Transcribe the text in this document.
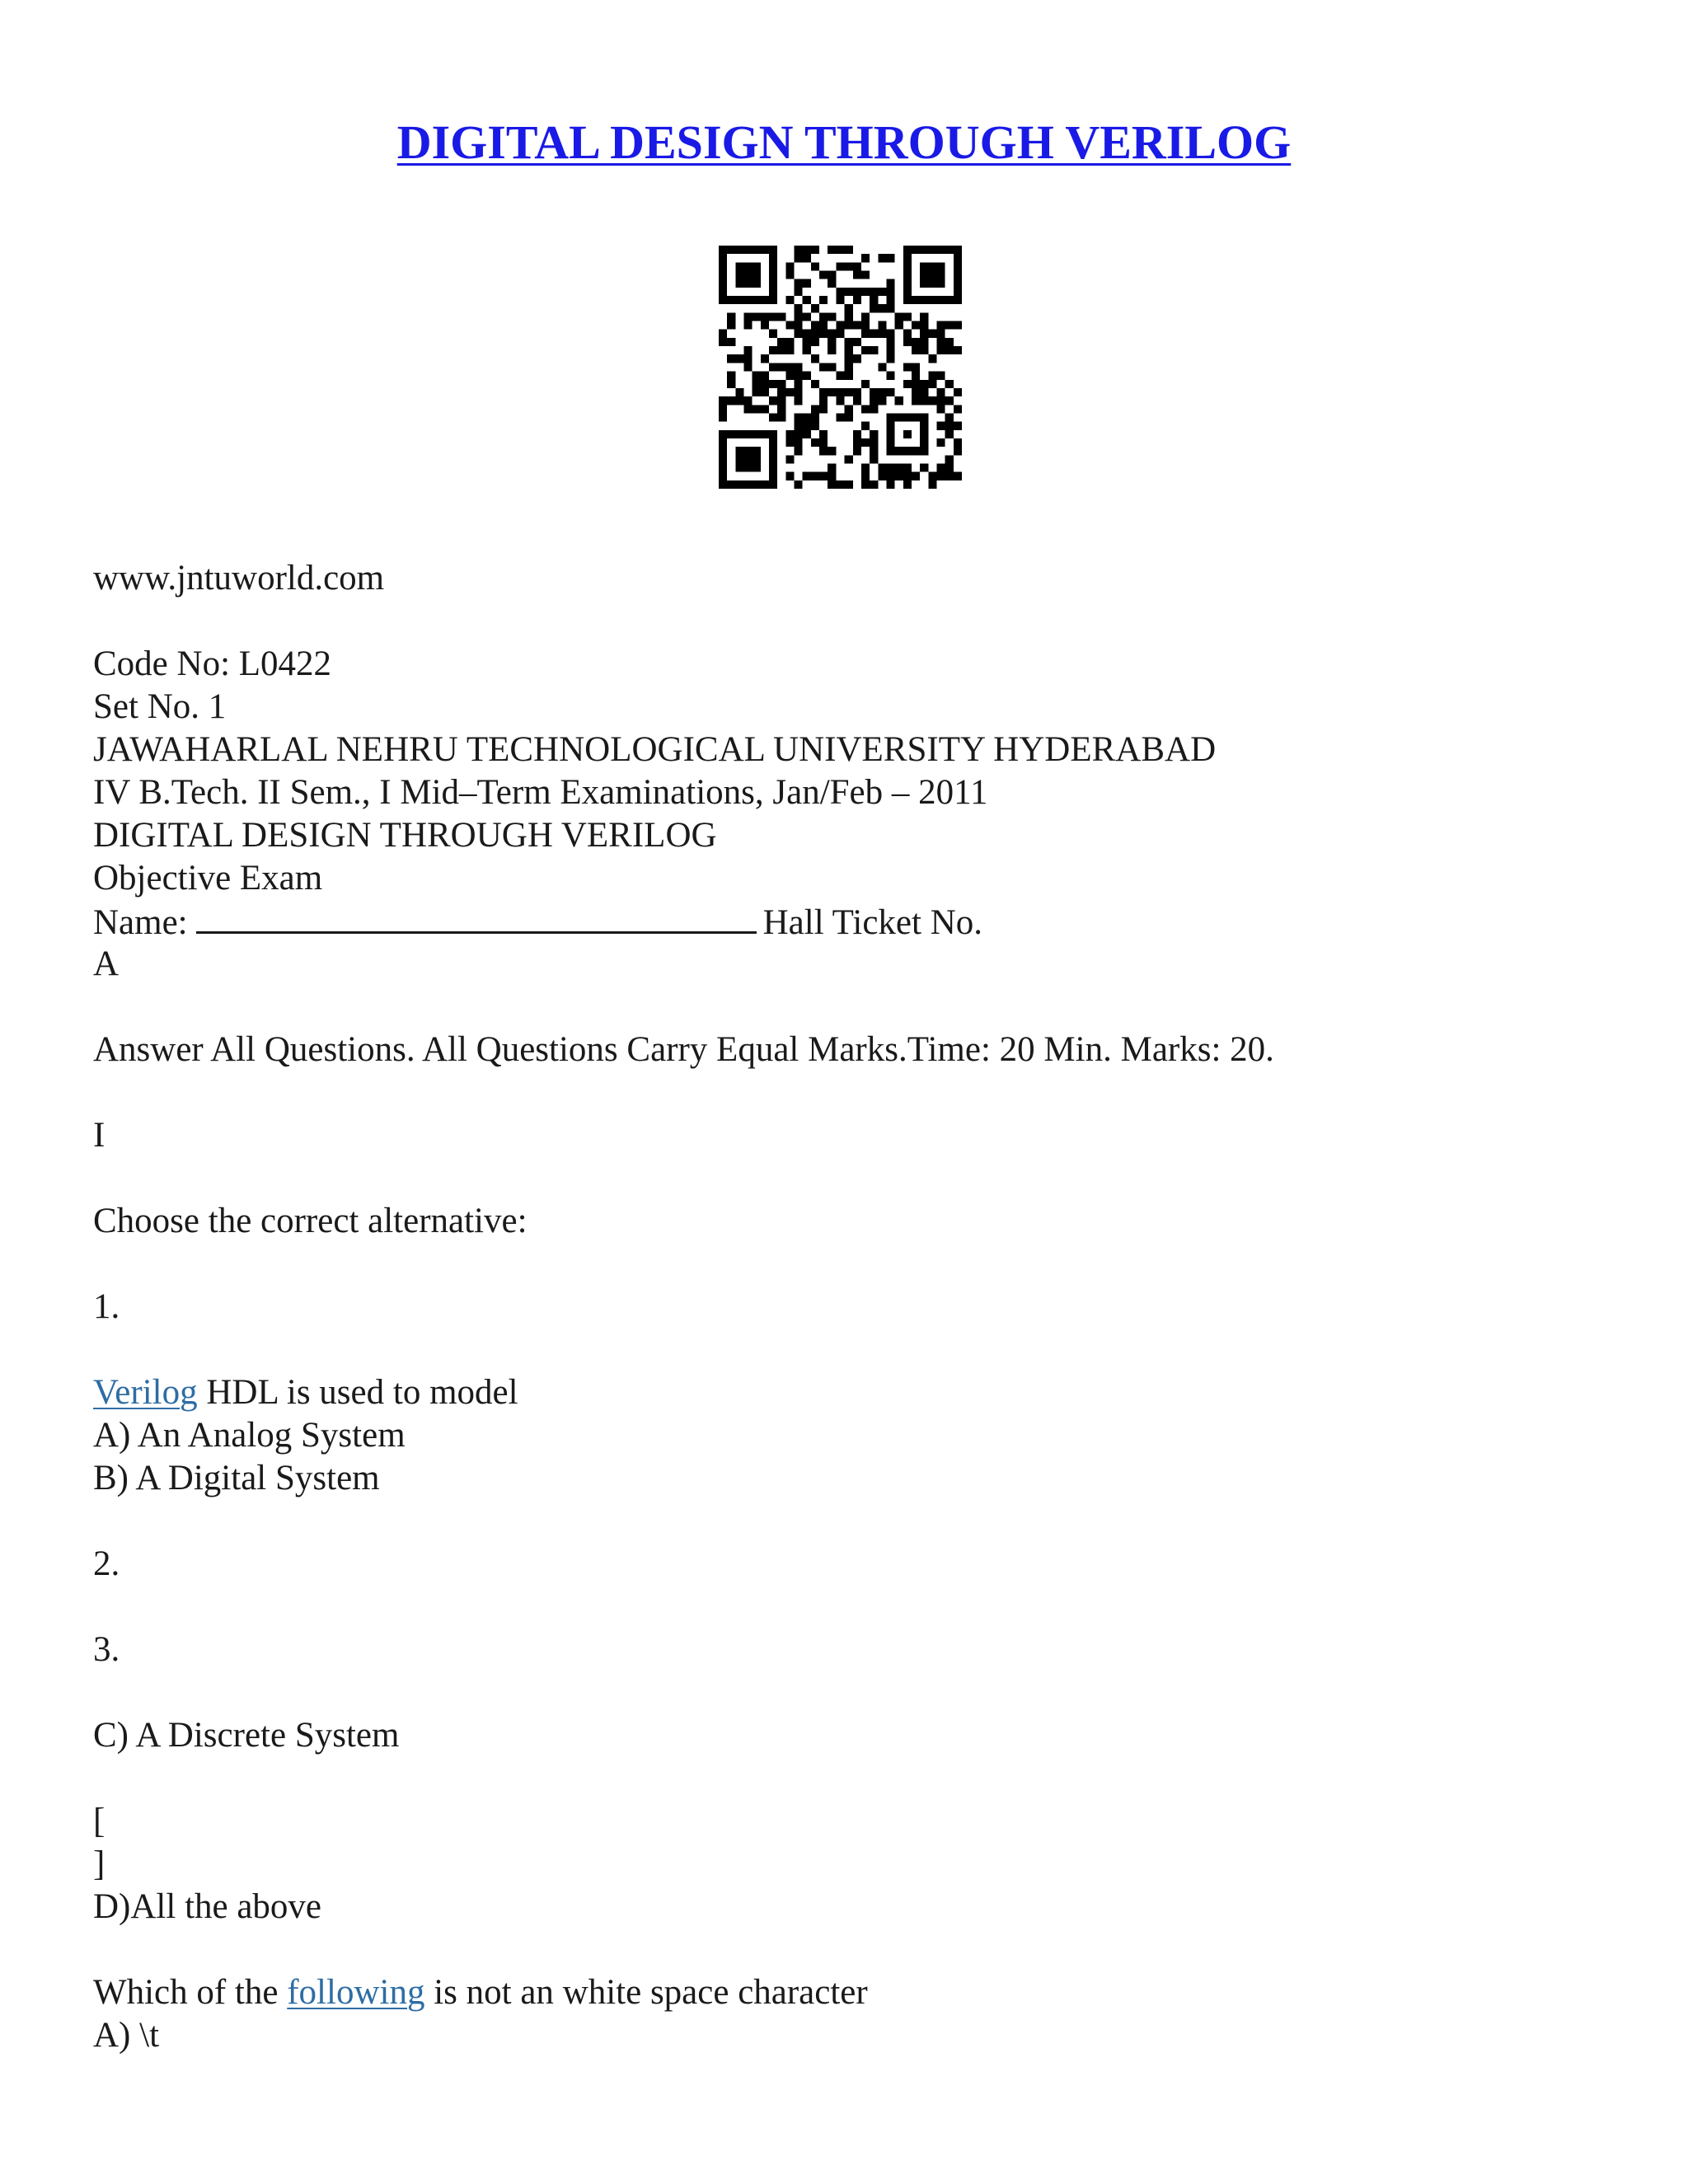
DIGITAL DESIGN THROUGH VERILOG
www.jntuworld.com
Code No: L0422
Set No. 1
JAWAHARLAL NEHRU TECHNOLOGICAL UNIVERSITY HYDERABAD
IV B.Tech. II Sem., I Mid–Term Examinations, Jan/Feb – 2011
DIGITAL DESIGN THROUGH VERILOG
Objective Exam
Name:	Hall Ticket No.
A
Answer All Questions. All Questions Carry Equal Marks.Time: 20 Min. Marks: 20.
I
Choose the correct alternative:
1.
Verilog HDL is used to model
A) An Analog System
B) A Digital System
2.
3.
C) A Discrete System
[
]
D)All the above
Which of the following is not an white space character
A) \t
